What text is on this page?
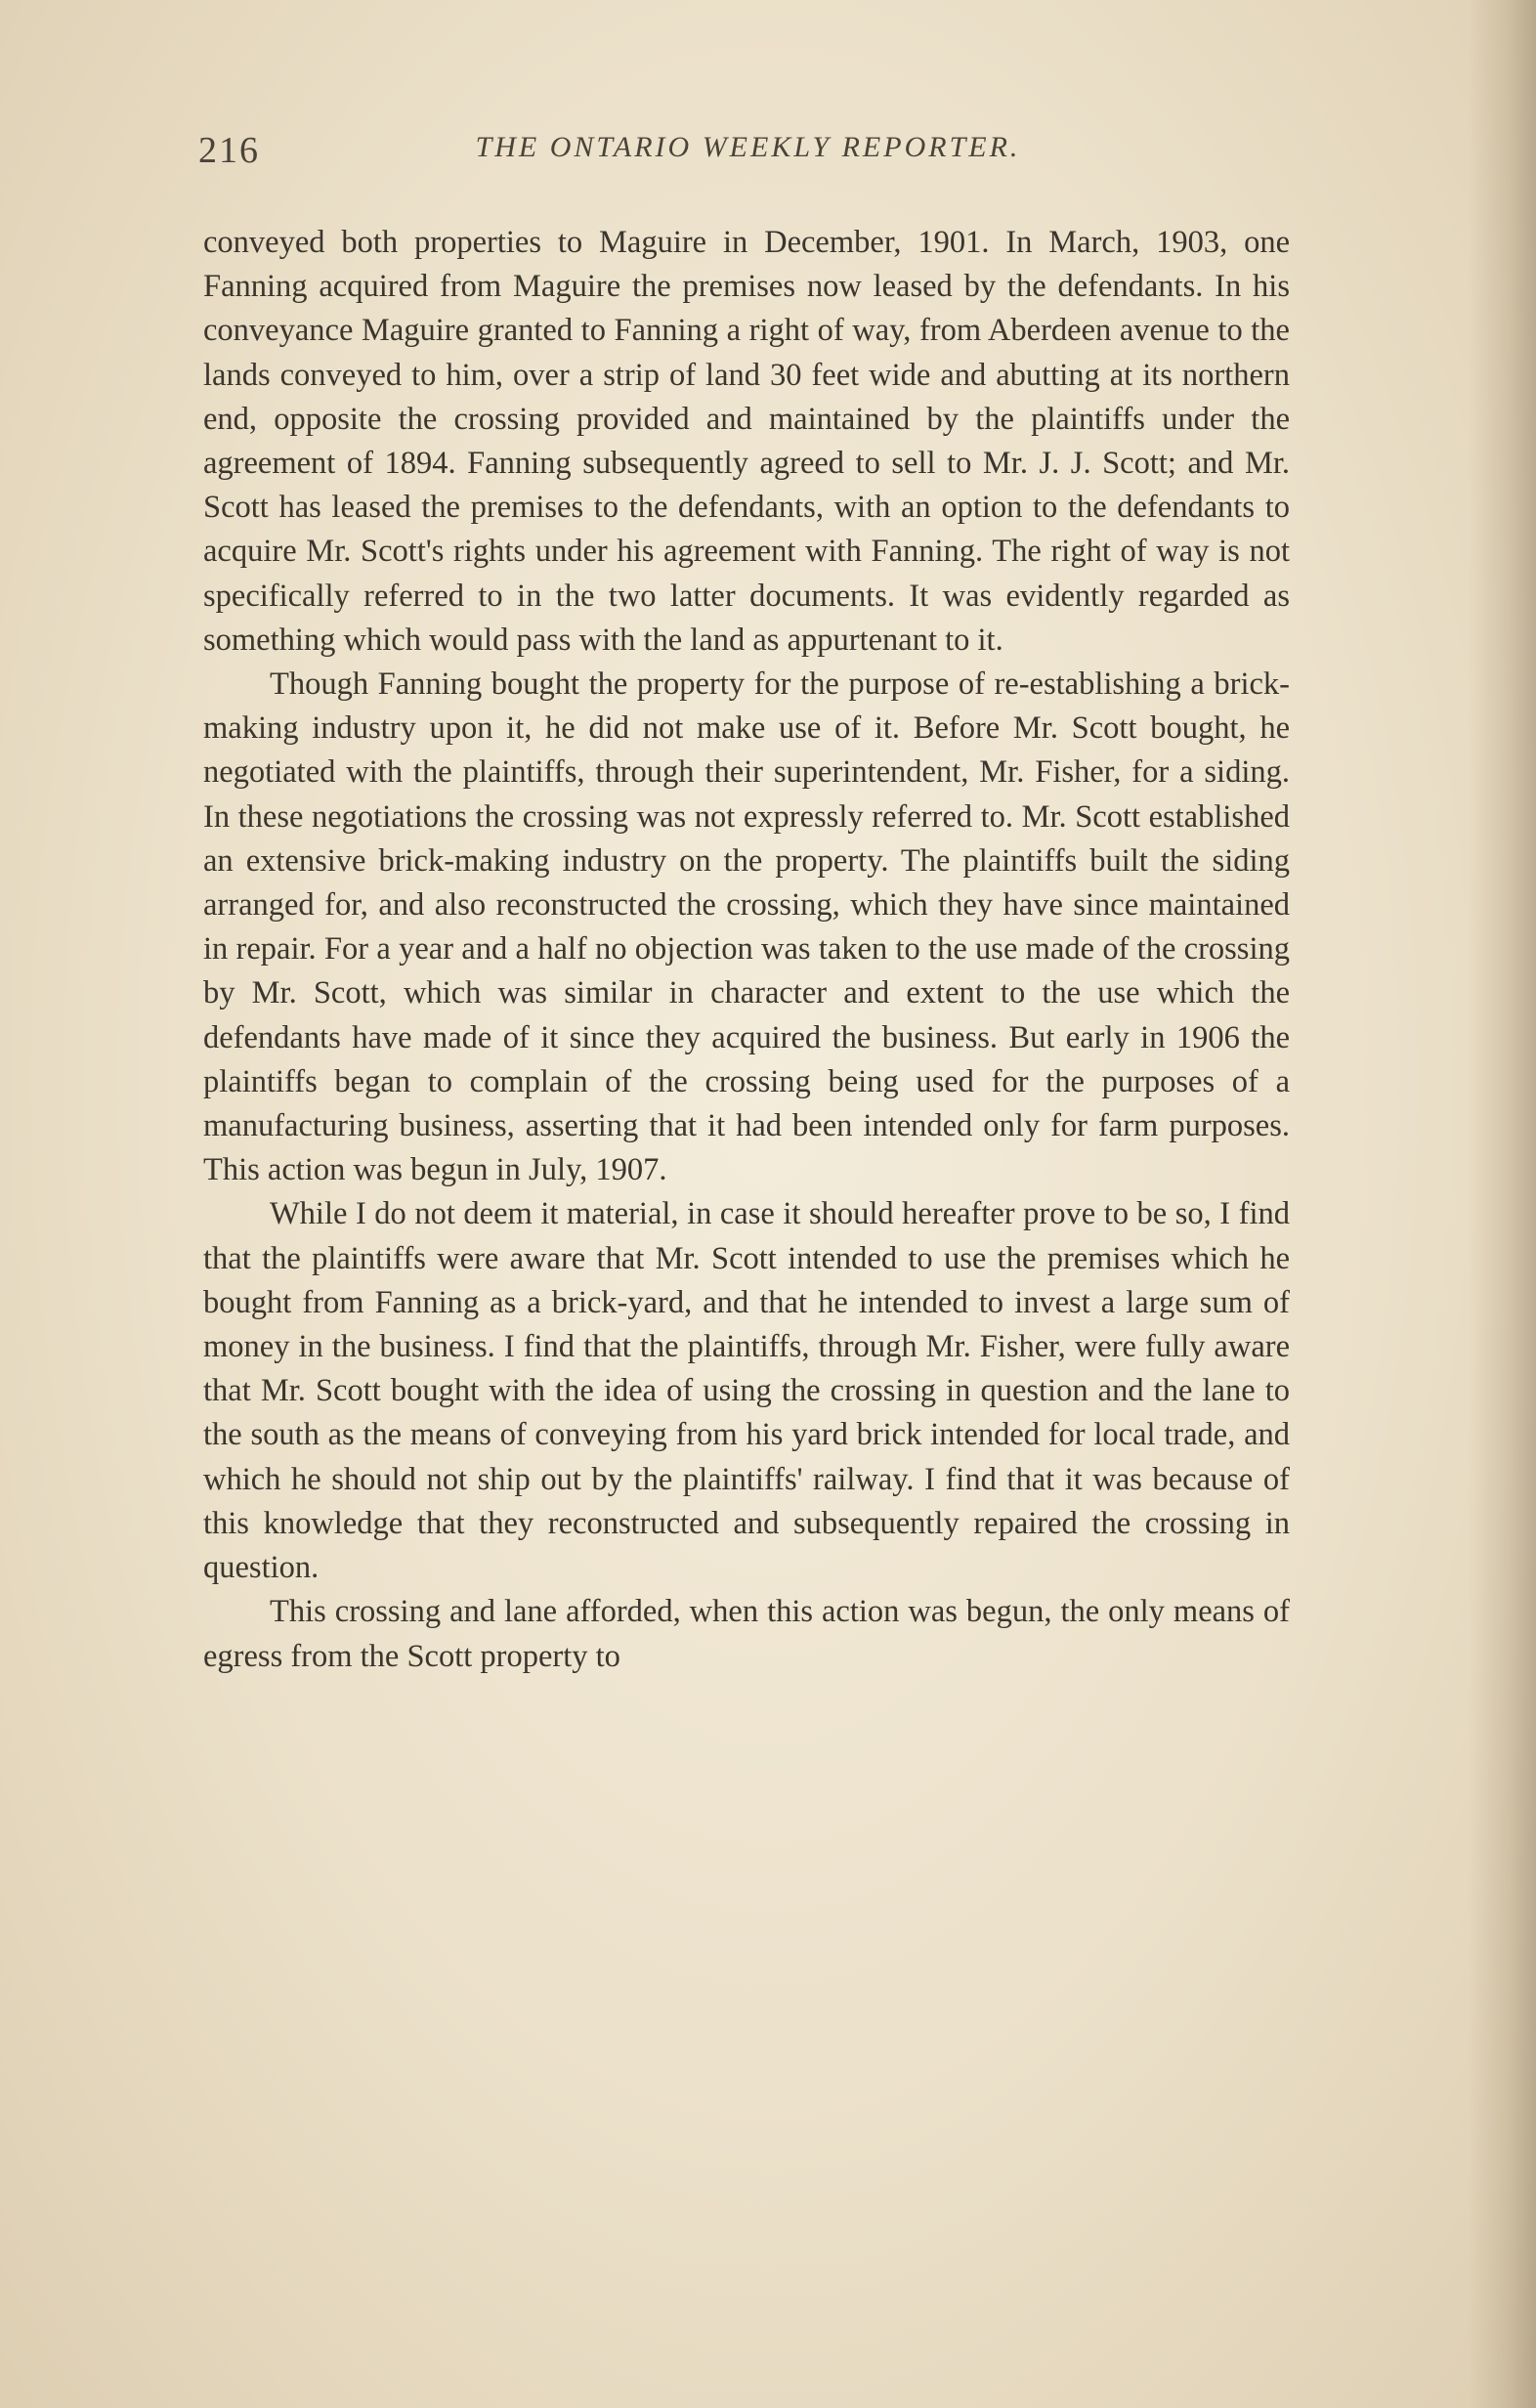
216	THE ONTARIO WEEKLY REPORTER.

conveyed both properties to Maguire in December, 1901. In March, 1903, one Fanning acquired from Maguire the premises now leased by the defendants. In his conveyance Maguire granted to Fanning a right of way, from Aberdeen avenue to the lands conveyed to him, over a strip of land 30 feet wide and abutting at its northern end, opposite the crossing provided and maintained by the plaintiffs under the agreement of 1894. Fanning subsequently agreed to sell to Mr. J. J. Scott; and Mr. Scott has leased the premises to the defendants, with an option to the defendants to acquire Mr. Scott's rights under his agreement with Fanning. The right of way is not specifically referred to in the two latter documents. It was evidently regarded as something which would pass with the land as appurtenant to it.

Though Fanning bought the property for the purpose of re-establishing a brick-making industry upon it, he did not make use of it. Before Mr. Scott bought, he negotiated with the plaintiffs, through their superintendent, Mr. Fisher, for a siding. In these negotiations the crossing was not expressly referred to. Mr. Scott established an extensive brick-making industry on the property. The plaintiffs built the siding arranged for, and also reconstructed the crossing, which they have since maintained in repair. For a year and a half no objection was taken to the use made of the crossing by Mr. Scott, which was similar in character and extent to the use which the defendants have made of it since they acquired the business. But early in 1906 the plaintiffs began to complain of the crossing being used for the purposes of a manufacturing business, asserting that it had been intended only for farm purposes. This action was begun in July, 1907.

While I do not deem it material, in case it should hereafter prove to be so, I find that the plaintiffs were aware that Mr. Scott intended to use the premises which he bought from Fanning as a brick-yard, and that he intended to invest a large sum of money in the business. I find that the plaintiffs, through Mr. Fisher, were fully aware that Mr. Scott bought with the idea of using the crossing in question and the lane to the south as the means of conveying from his yard brick intended for local trade, and which he should not ship out by the plaintiffs' railway. I find that it was because of this knowledge that they reconstructed and subsequently repaired the crossing in question.

This crossing and lane afforded, when this action was begun, the only means of egress from the Scott property to
